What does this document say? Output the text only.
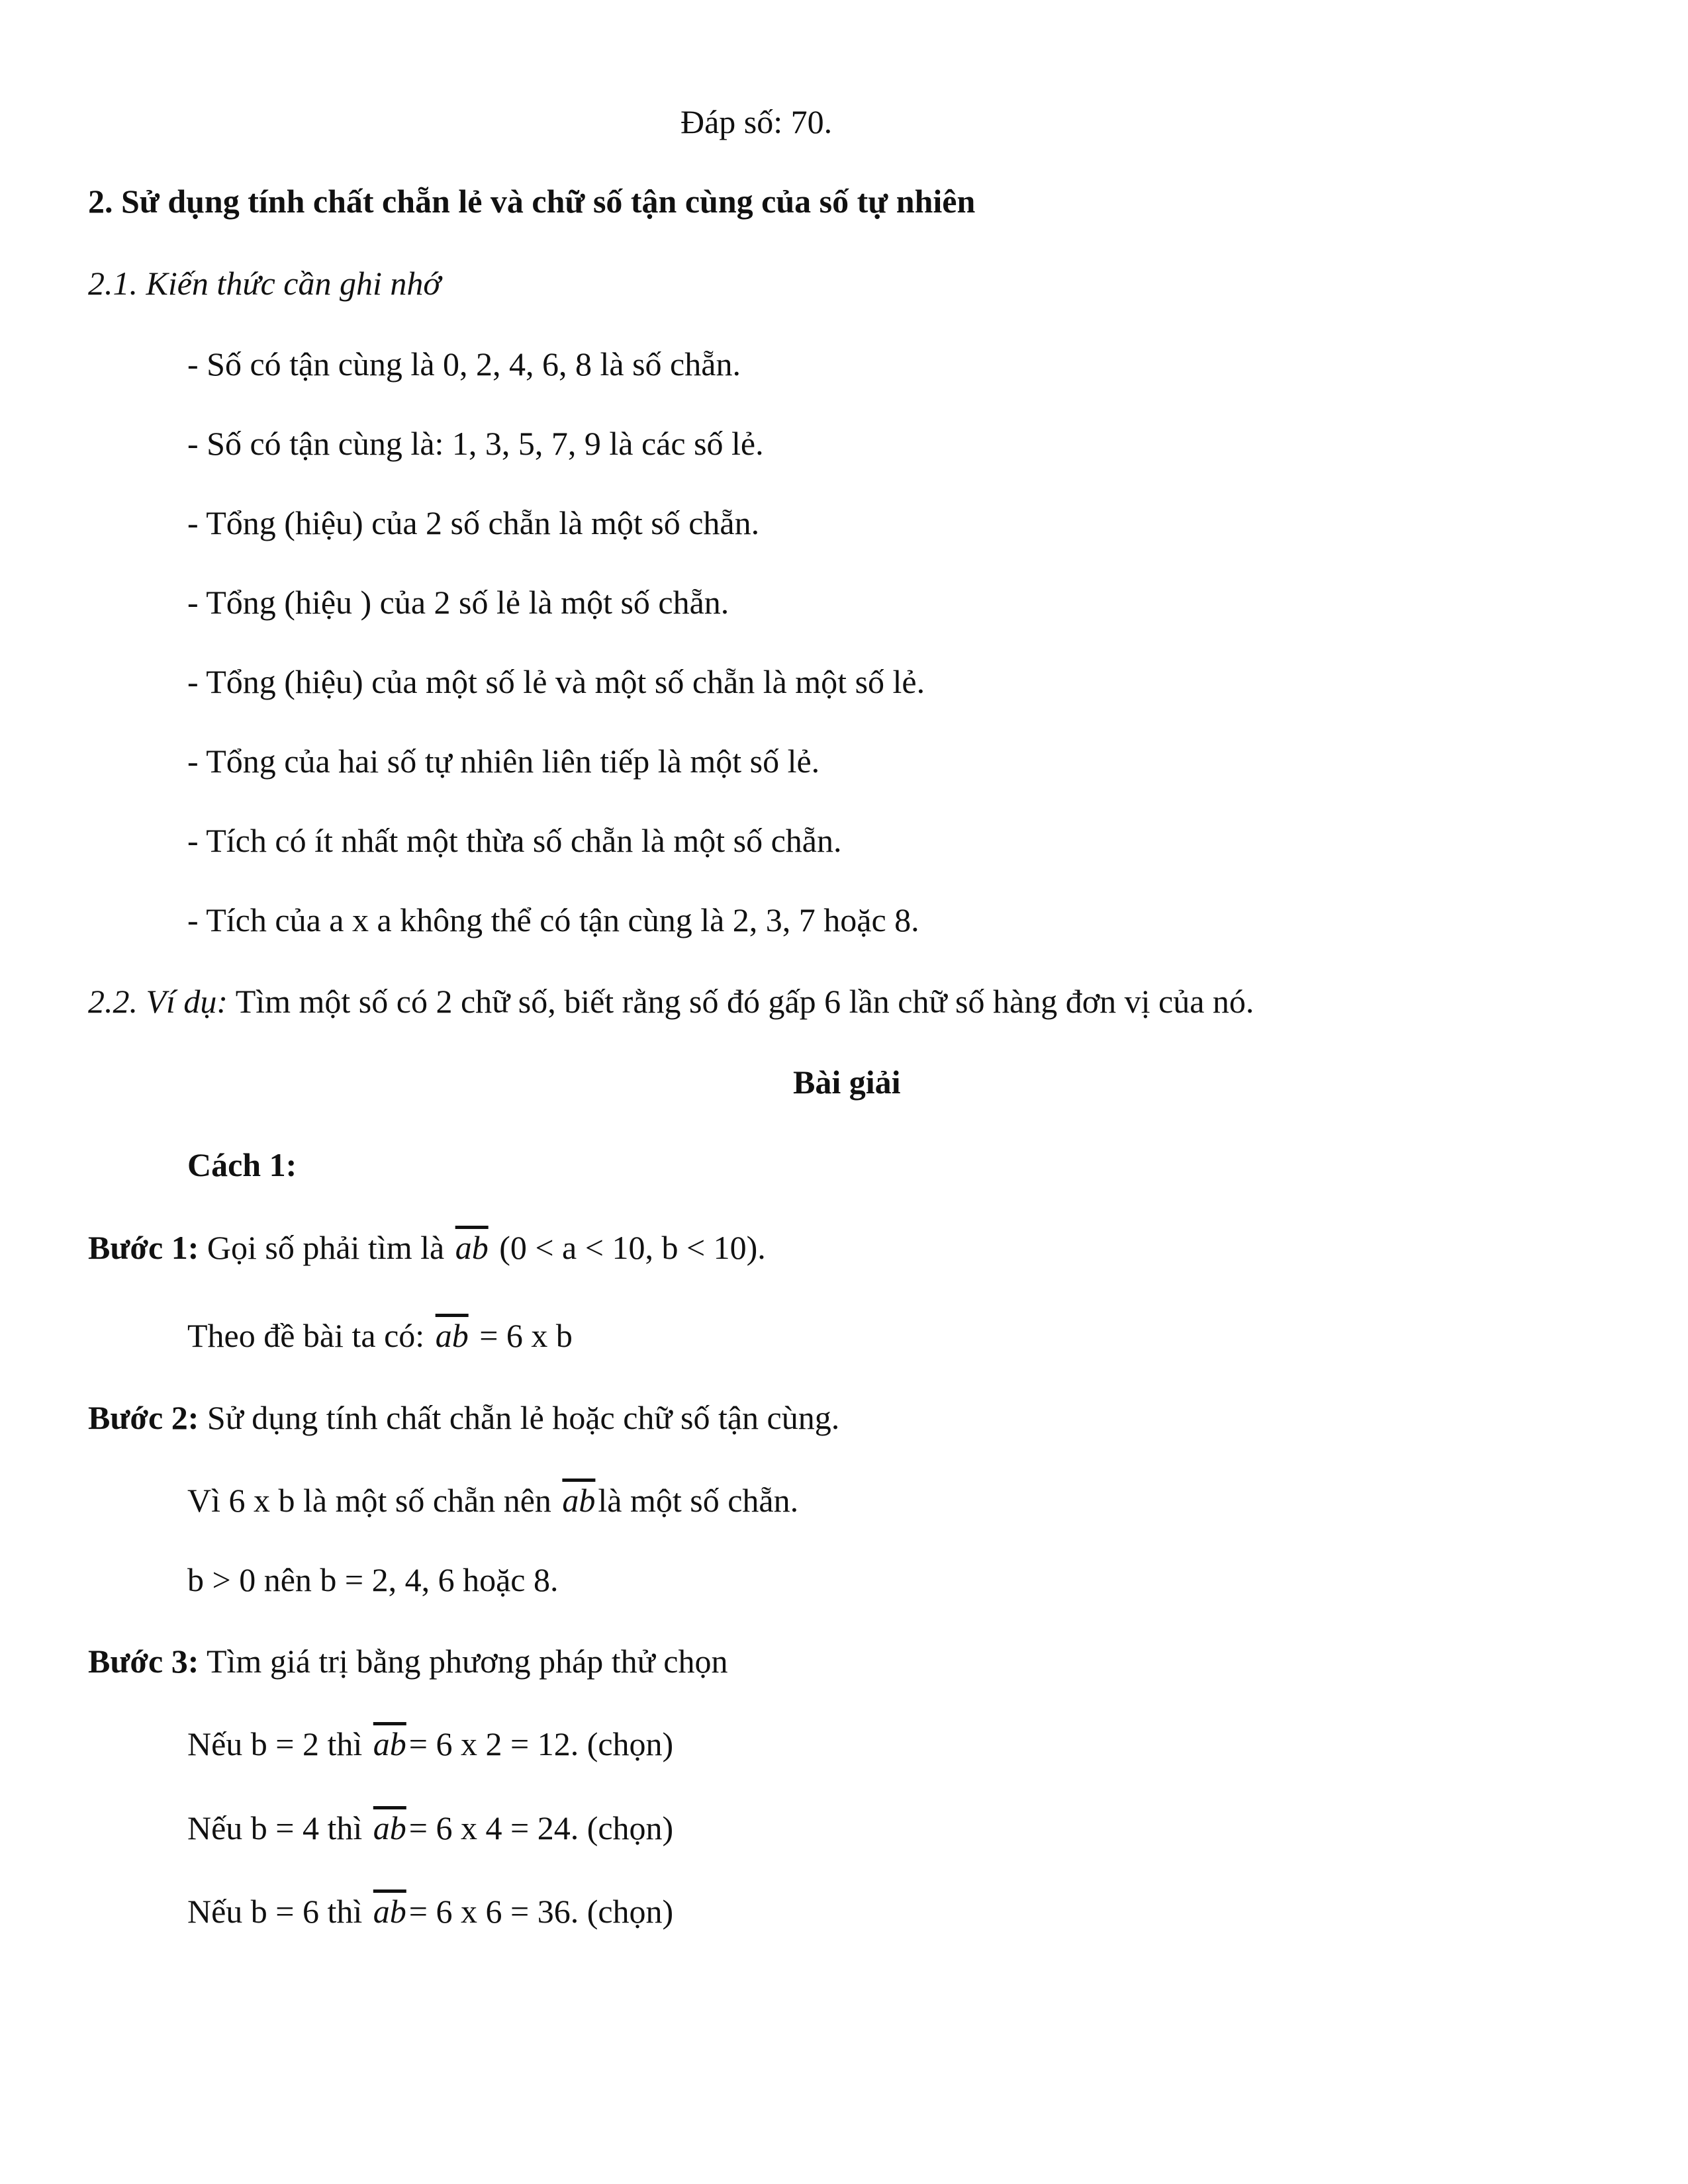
Đáp số: 70.
2. Sử dụng tính chất chẵn lẻ và chữ số tận cùng của số tự nhiên
2.1. Kiến thức cần ghi nhớ
- Số có tận cùng là 0, 2, 4, 6, 8 là số chẵn.
- Số có tận cùng là: 1, 3, 5, 7, 9 là các số lẻ.
- Tổng (hiệu) của 2 số chẵn là một số chẵn.
- Tổng (hiệu ) của 2 số lẻ là một số chẵn.
- Tổng (hiệu) của một số lẻ và một số chẵn là một số lẻ.
- Tổng của hai số tự nhiên liên tiếp là một số lẻ.
- Tích có ít nhất một thừa số chẵn là một số chẵn.
- Tích của a x a không thể có tận cùng là 2, 3, 7 hoặc 8.
2.2. Ví dụ: Tìm một số có 2 chữ số, biết rằng số đó gấp 6 lần chữ số hàng đơn vị của nó.
Bài giải
Cách 1:
Bước 1: Gọi số phải tìm là $\overline{ab}$ (0 < a < 10, b < 10).
Theo đề bài ta có: $\overline{ab} = 6$ x b
Bước 2: Sử dụng tính chất chẵn lẻ hoặc chữ số tận cùng.
Vì 6 x b là một số chẵn nên $\overline{ab}là$ một số chẵn.
b > 0 nên b = 2, 4, 6 hoặc 8.
Bước 3: Tìm giá trị bằng phương pháp thử chọn
Nếu b = 2 thì $\overline{ab}= 6$ x 2 = 12. (chọn)
Nếu b = 4 thì $\overline{ab}= 6$ x 4 = 24. (chọn)
Nếu b = 6 thì $\overline{ab}= 6$ x 6 = 36. (chọn)
